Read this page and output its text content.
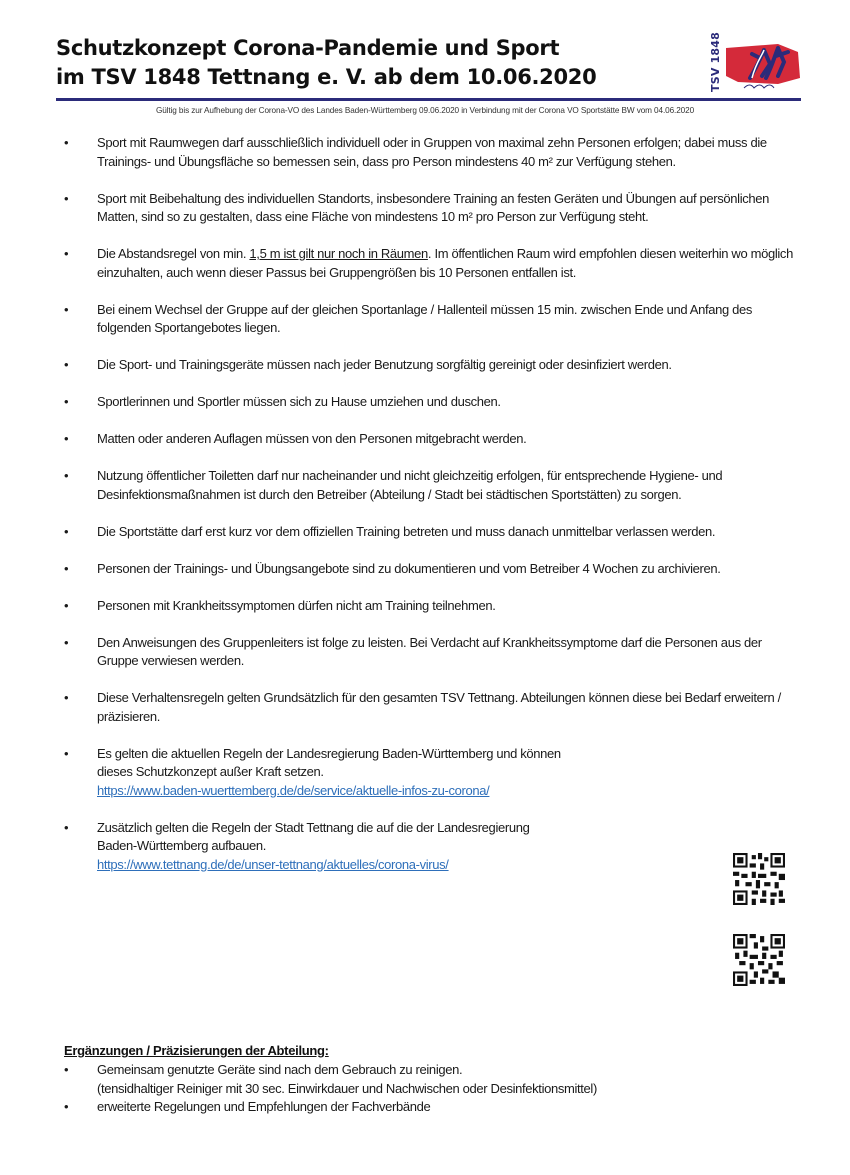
Schutzkonzept Corona-Pandemie und Sport
im TSV 1848 Tettnang e. V. ab dem 10.06.2020	TSV 1848
Gültig bis zur Aufhebung der Corona-VO des Landes Baden-Württemberg 09.06.2020 in Verbindung mit der Corona VO Sportstätte BW vom 04.06.2020
• Sport mit Raumwegen darf ausschließlich individuell oder in Gruppen von maximal zehn Personen erfolgen; dabei muss die Trainings- und Übungsfläche so bemessen sein, dass pro Person mindestens 40 m² zur Verfügung stehen.
• Sport mit Beibehaltung des individuellen Standorts, insbesondere Training an festen Geräten und Übungen auf persönlichen Matten, sind so zu gestalten, dass eine Fläche von mindestens 10 m² pro Person zur Verfügung steht.
• Die Abstandsregel von min. 1,5 m ist gilt nur noch in Räumen. Im öffentlichen Raum wird empfohlen diesen weiterhin wo möglich einzuhalten, auch wenn dieser Passus bei Gruppengrößen bis 10 Personen entfallen ist.
• Bei einem Wechsel der Gruppe auf der gleichen Sportanlage / Hallenteil müssen 15 min. zwischen Ende und Anfang des folgenden Sportangebotes liegen.
• Die Sport- und Trainingsgeräte müssen nach jeder Benutzung sorgfältig gereinigt oder desinfiziert werden.
• Sportlerinnen und Sportler müssen sich zu Hause umziehen und duschen.
• Matten oder anderen Auflagen müssen von den Personen mitgebracht werden.
• Nutzung öffentlicher Toiletten darf nur nacheinander und nicht gleichzeitig erfolgen, für entsprechende Hygiene- und Desinfektionsmaßnahmen ist durch den Betreiber (Abteilung / Stadt bei städtischen Sportstätten) zu sorgen.
• Die Sportstätte darf erst kurz vor dem offiziellen Training betreten und muss danach unmittelbar verlassen werden.
• Personen der Trainings- und Übungsangebote sind zu dokumentieren und vom Betreiber 4 Wochen zu archivieren.
• Personen mit Krankheitssymptomen dürfen nicht am Training teilnehmen.
• Den Anweisungen des Gruppenleiters ist folge zu leisten. Bei Verdacht auf Krankheitssymptome darf die Personen aus der Gruppe verwiesen werden.
• Diese Verhaltensregeln gelten Grundsätzlich für den gesamten TSV Tettnang. Abteilungen können diese bei Bedarf erweitern / präzisieren.
• Es gelten die aktuellen Regeln der Landesregierung Baden-Württemberg und können
dieses Schutzkonzept außer Kraft setzen.
https://www.baden-wuerttemberg.de/de/service/aktuelle-infos-zu-corona/
• Zusätzlich gelten die Regeln der Stadt Tettnang die auf die der Landesregierung
Baden-Württemberg aufbauen.
https://www.tettnang.de/de/unser-tettnang/aktuelles/corona-virus/
Ergänzungen / Präzisierungen der Abteilung:
• Gemeinsam genutzte Geräte sind nach dem Gebrauch zu reinigen.
(tensidhaltiger Reiniger mit 30 sec. Einwirkdauer und Nachwischen oder Desinfektionsmittel)
• erweiterte Regelungen und Empfehlungen der Fachverbände
